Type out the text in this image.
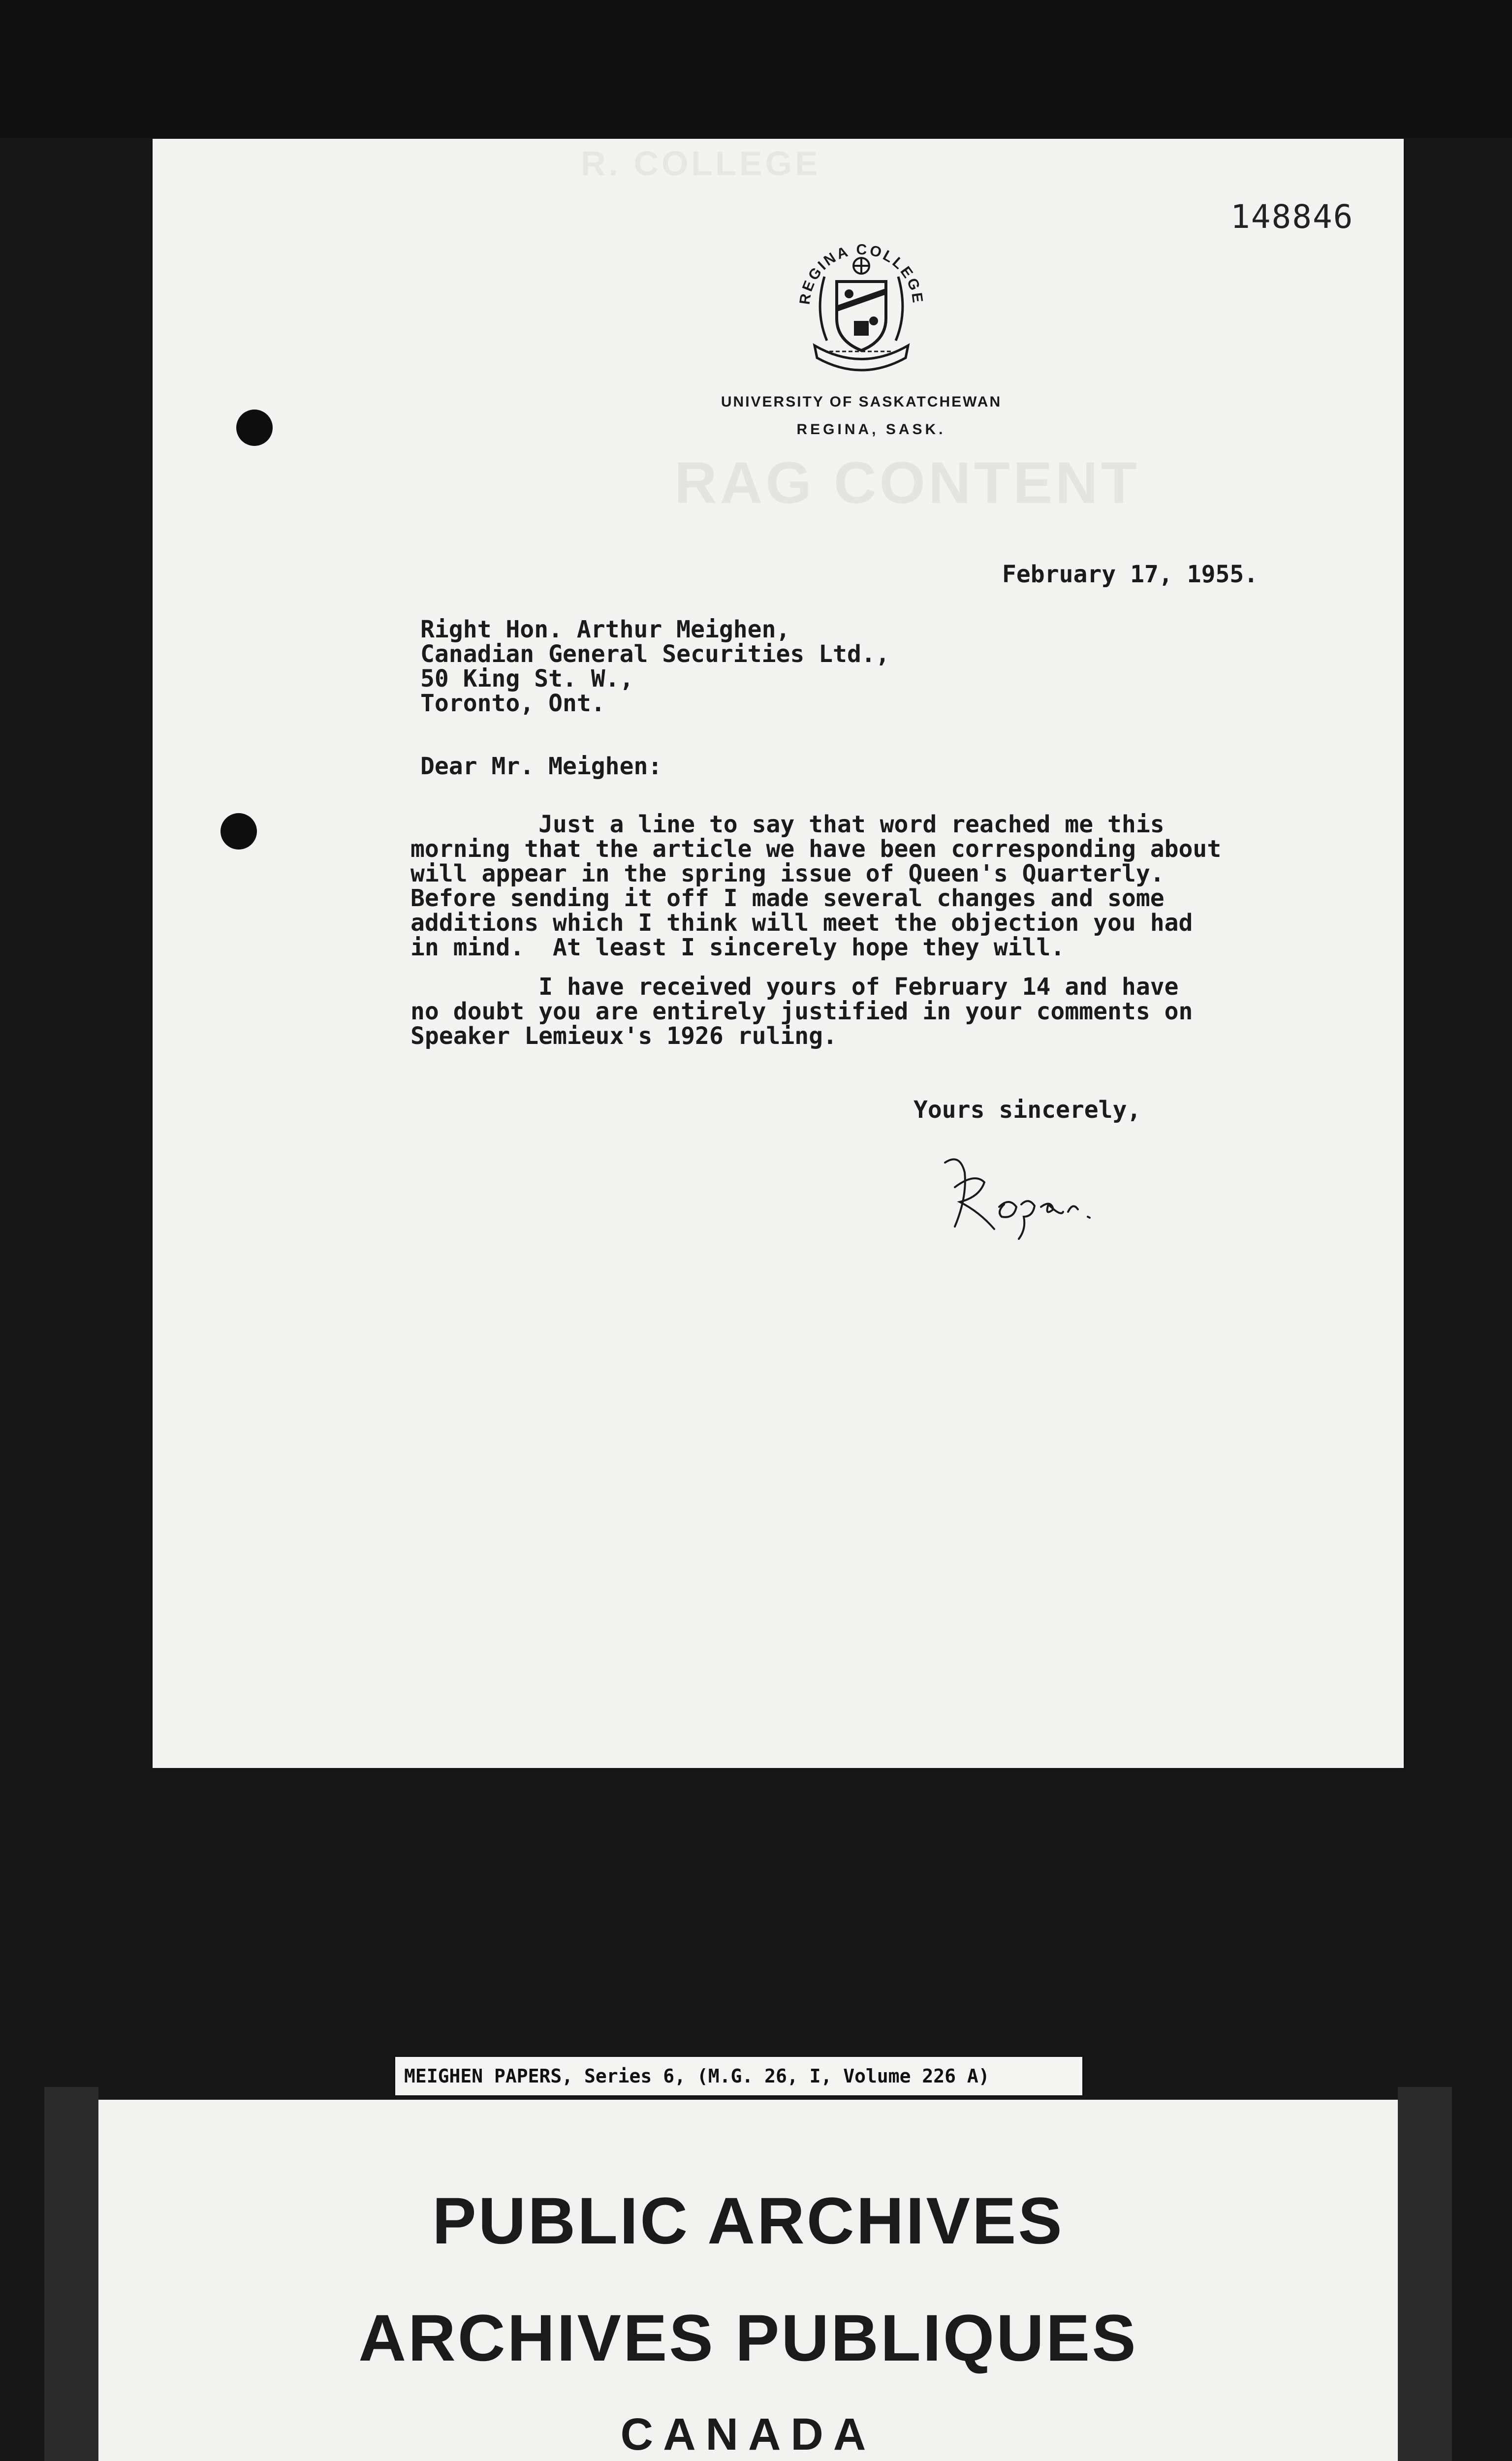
R. COLLEGE
148846
REGINA COLLEGE
UNIVERSITY OF SASKATCHEWAN
REGINA, SASK.
RAG CONTENT
February 17, 1955.
Right Hon. Arthur Meighen,
Canadian General Securities Ltd.,
50 King St. W.,
Toronto, Ont.
Dear Mr. Meighen:
Just a line to say that word reached me this
morning that the article we have been corresponding about
will appear in the spring issue of Queen's Quarterly.
Before sending it off I made several changes and some
additions which I think will meet the objection you had
in mind.  At least I sincerely hope they will.
I have received yours of February 14 and have
no doubt you are entirely justified in your comments on
Speaker Lemieux's 1926 ruling.
Yours sincerely,
MEIGHEN PAPERS, Series 6, (M.G. 26, I, Volume 226 A)
PUBLIC ARCHIVES
ARCHIVES PUBLIQUES
CANADA
